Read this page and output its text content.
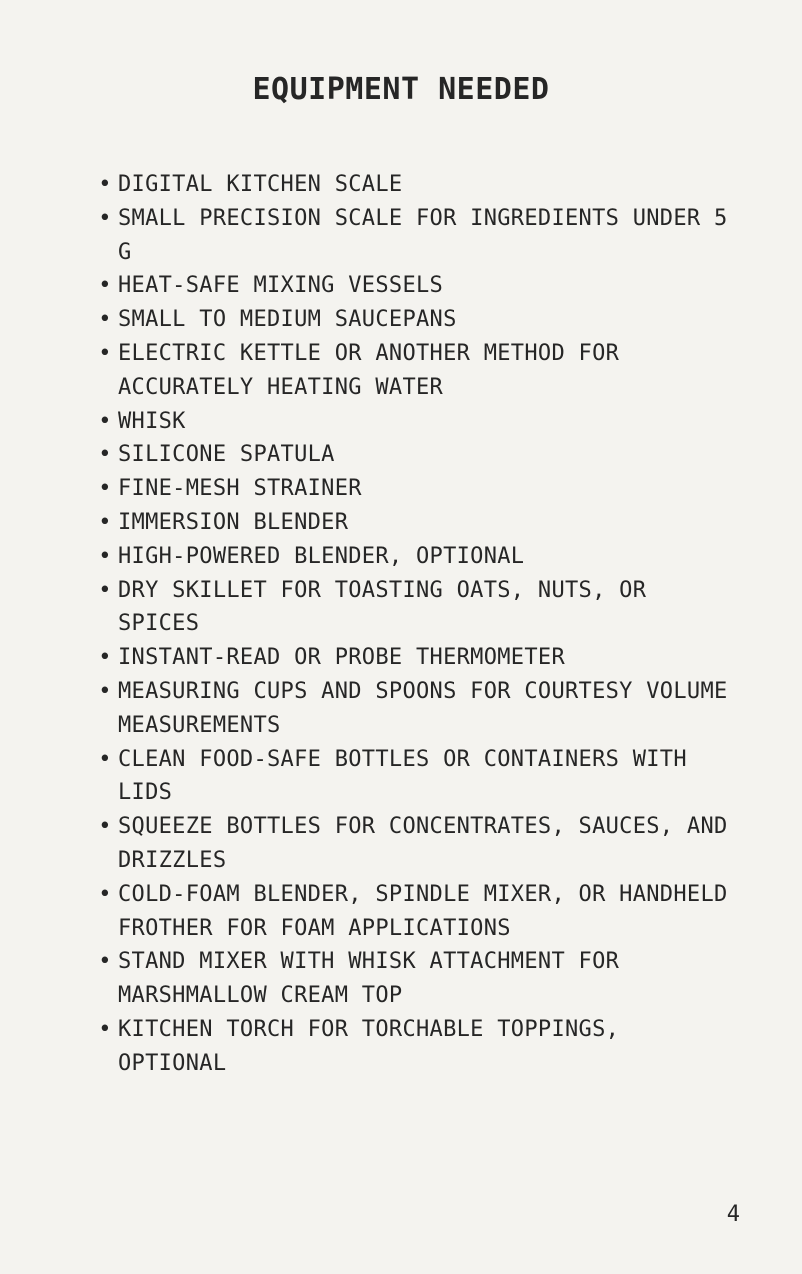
EQUIPMENT NEEDED
• DIGITAL KITCHEN SCALE
• SMALL PRECISION SCALE FOR INGREDIENTS UNDER 5 G
• HEAT-SAFE MIXING VESSELS
• SMALL TO MEDIUM SAUCEPANS
• ELECTRIC KETTLE OR ANOTHER METHOD FOR ACCURATELY HEATING WATER
• WHISK
• SILICONE SPATULA
• FINE-MESH STRAINER
• IMMERSION BLENDER
• HIGH-POWERED BLENDER, OPTIONAL
• DRY SKILLET FOR TOASTING OATS, NUTS, OR SPICES
• INSTANT-READ OR PROBE THERMOMETER
• MEASURING CUPS AND SPOONS FOR COURTESY VOLUME MEASUREMENTS
• CLEAN FOOD-SAFE BOTTLES OR CONTAINERS WITH LIDS
• SQUEEZE BOTTLES FOR CONCENTRATES, SAUCES, AND DRIZZLES
• COLD-FOAM BLENDER, SPINDLE MIXER, OR HANDHELD FROTHER FOR FOAM APPLICATIONS
• STAND MIXER WITH WHISK ATTACHMENT FOR MARSHMALLOW CREAM TOP
• KITCHEN TORCH FOR TORCHABLE TOPPINGS, OPTIONAL
4
